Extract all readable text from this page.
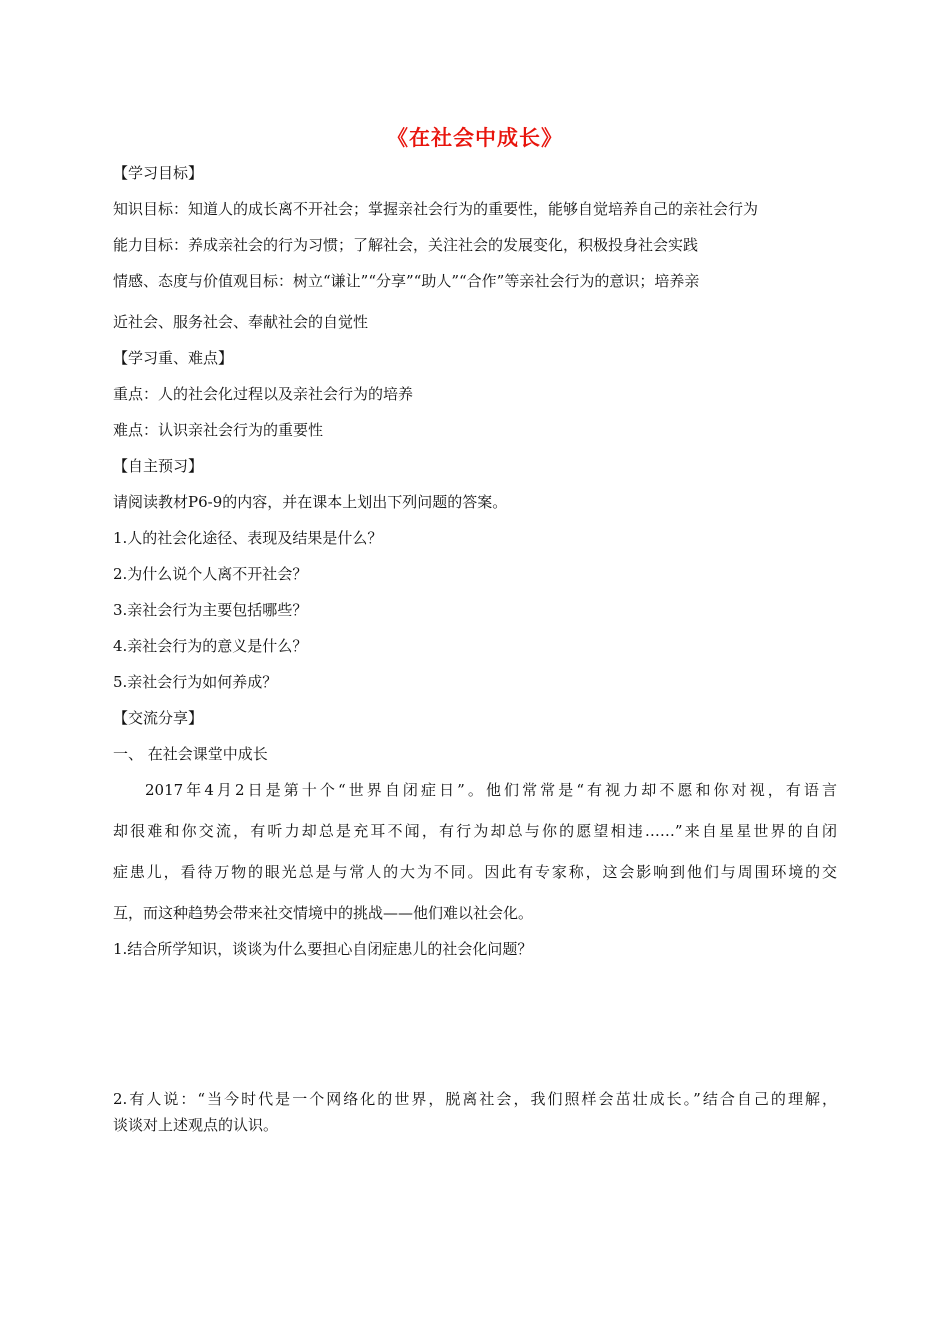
《在社会中成长》
【学习目标】
知识目标：知道人的成长离不开社会；掌握亲社会行为的重要性，能够自觉培养自己的亲社会行为
能力目标：养成亲社会的行为习惯；了解社会，关注社会的发展变化，积极投身社会实践
情感、态度与价值观目标：树立“谦让”“分享”“助人”“合作”等亲社会行为的意识；培养亲
近社会、服务社会、奉献社会的自觉性
【学习重、难点】
重点：人的社会化过程以及亲社会行为的培养
难点：认识亲社会行为的重要性
【自主预习】
请阅读教材P6-9的内容，并在课本上划出下列问题的答案。
1.人的社会化途径、表现及结果是什么？
2.为什么说个人离不开社会？
3.亲社会行为主要包括哪些？
4.亲社会行为的意义是什么？
5.亲社会行为如何养成？
【交流分享】
一、 在社会课堂中成长
2017年4月2日是第十个“世界自闭症日”。他们常常是“有视力却不愿和你对视，有语言
却很难和你交流，有听力却总是充耳不闻，有行为却总与你的愿望相违……”来自星星世界的自闭
症患儿，看待万物的眼光总是与常人的大为不同。因此有专家称，这会影响到他们与周围环境的交
互，而这种趋势会带来社交情境中的挑战——他们难以社会化。
1.结合所学知识，谈谈为什么要担心自闭症患儿的社会化问题？
2.有人说：“当今时代是一个网络化的世界，脱离社会，我们照样会茁壮成长。”结合自己的理解，
谈谈对上述观点的认识。
